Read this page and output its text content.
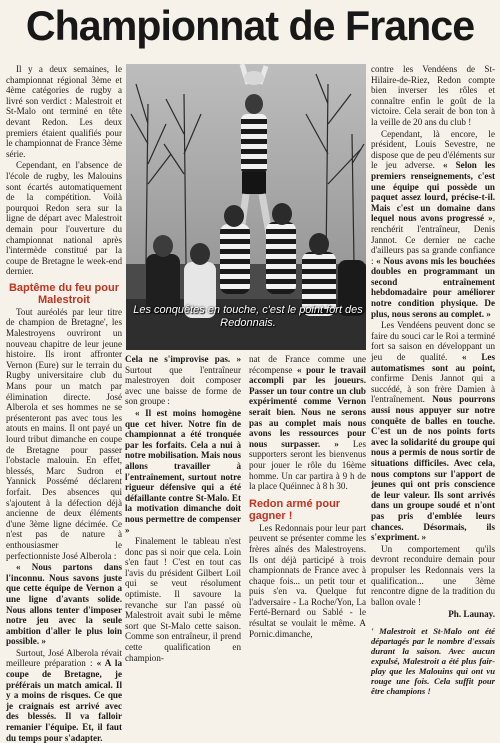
Championnat de France

Il y a deux semaines, le championnat régional 3ème et 4ème catégories de rugby a livré son verdict : Malestroit et St-Malo ont terminé en tête devant Redon. Les deux premiers étaient qualifiés pour le championnat de France 3ème série.

Cependant, en l'absence de l'école de rugby, les Malouins sont écartés automatiquement de la compétition. Voilà pourquoi Redon sera sur la ligne de départ avec Malestroit demain pour l'ouverture du championnat national après l'intermède constitué par la coupe de Bretagne le week-end dernier.

Baptême du feu pour Malestroit

Tout auréolés par leur titre de champion de Bretagne', les Malestroyens ouvriront un nouveau chapitre de leur jeune histoire. Ils iront affronter Vernon (Eure) sur le terrain du Rugby universitaire club du Mans pour un match par élimination directe. José Alberola et ses hommes ne se présenteront pas avec tous les atouts en mains. Il ont payé un lourd tribut dimanche en coupe de Bretagne pour passer l'obstacle malouin. En effet, blessés, Marc Sudron et Yannick Possémé déclarent forfait. Des absences qui s'ajoutent à la défection déjà ancienne de deux éléments d'une 3ème ligne décimée. Ce n'est pas de nature à enthousiasmer le perfectionniste José Alberola :

« Nous partons dans l'inconnu. Nous savons juste que cette équipe de Vernon a une ligne d'avants solide. Nous allons tenter d'imposer notre jeu avec la seule ambition d'aller le plus loin possible. »

Surtout, José Alberola révait meilleure préparation : « A la coupe de Bretagne, je préférais un match amical. Il y a moins de risques. Ce que je craignais est arrivé avec des blessés. Il va falloir remanier l'équipe. Et, il faut du temps pour s'adapter.

Les conquêtes en touche, c'est le point fort des Redonnais.

Cela ne s'improvise pas. » Surtout que l'entraîneur malestroyen doit composer avec une baisse de forme de son groupe :

« Il est moins homogène que cet hiver. Notre fin de championnat a été tronquée par les forfaits. Cela a nui à notre mobilisation. Mais nous allons travailler à l'entraînement, surtout notre rigueur défensive qui a été défaillante contre St-Malo. Et la motivation dimanche doit nous permettre de compenser »

Finalement le tableau n'est donc pas si noir que cela. Loin s'en faut ! C'est en tout cas l'avis du président Gilbert Loil qui se veut résolument optimiste. Il savoure la revanche sur l'an passé où Malestroit avait subi le même sort que St-Malo cette saison. Comme son entraîneur, il prend cette qualification en champion-

nat de France comme une récompense « pour le travail accompli par les joueurs. Passer un tour contre un club expérimenté comme Vernon serait bien. Nous ne serons pas au complet mais nous avons les ressources pour nous surpasser. » Les supporters seront les bienvenus pour jouer le rôle du 16ème homme. Un car partira à 9 h de la place Quéinnec à 8 h 30.

Redon armé pour gagner !

Les Redonnais pour leur part peuvent se présenter comme les frères aînés des Malestroyens. Ils ont déjà participé à trois championnats de France avec à chaque fois... un petit tour et puis s'en va. Quelque fut l'adversaire - La Roche/Yon, La Ferté-Bernard ou Sablé - le résultat se voulait le même. A Pornic.dimanche,

contre les Vendéens de St-Hilaire-de-Riez, Redon compte bien inverser les rôles et connaître enfin le goût de la victoire. Cela serait de bon ton à la veille de 20 ans du club !

Cependant, là encore, le président, Louis Sevestre, ne dispose que de peu d'éléments sur le jeu adverse. « Selon les premiers renseignements, c'est une équipe qui possède un paquet assez lourd, précise-t-il. Mais c'est un domaine dans lequel nous avons progressé », renchérit l'entraîneur, Denis Jannot. Ce dernier ne cache d'ailleurs pas sa grande confiance : « Nous avons mis les bouchées doubles en programmant un second entraînement hebdomadaire pour améliorer notre condition physique. De plus, nous serons au complet. »

Les Vendéens peuvent donc se faire du souci car le Roi a terminé fort sa saison en développant un jeu de qualité. « Les automatismes sont au point, confirme Denis Jannot qui a succédé, à son frère Damien à l'entraînement. Nous pourrons aussi nous appuyer sur notre conquête de balles en touche. C'est un de nos points forts avec la solidarité du groupe qui nous a permis de nous sortir de situations difficiles. Avec cela, nous comptons sur l'apport de jeunes qui ont pris conscience de leur valeur. Ils sont arrivés dans un groupe soudé et n'ont pas pris d'emblée leurs chances. Désormais, ils s'expriment. »

Un comportement qu'ils devront reconduire demain pour propulser les Redonnais vers la qualification... une 3ème rencontre digne de la tradition du ballon ovale !

Ph. Launay.

' Malestroit et St-Malo ont été départagés par le nombre d'essais durant la saison. Avec aucun expulsé, Malestroit a été plus fair-play que les Malouins qui ont vu rouge une fois. Cela suffit pour être champions !
